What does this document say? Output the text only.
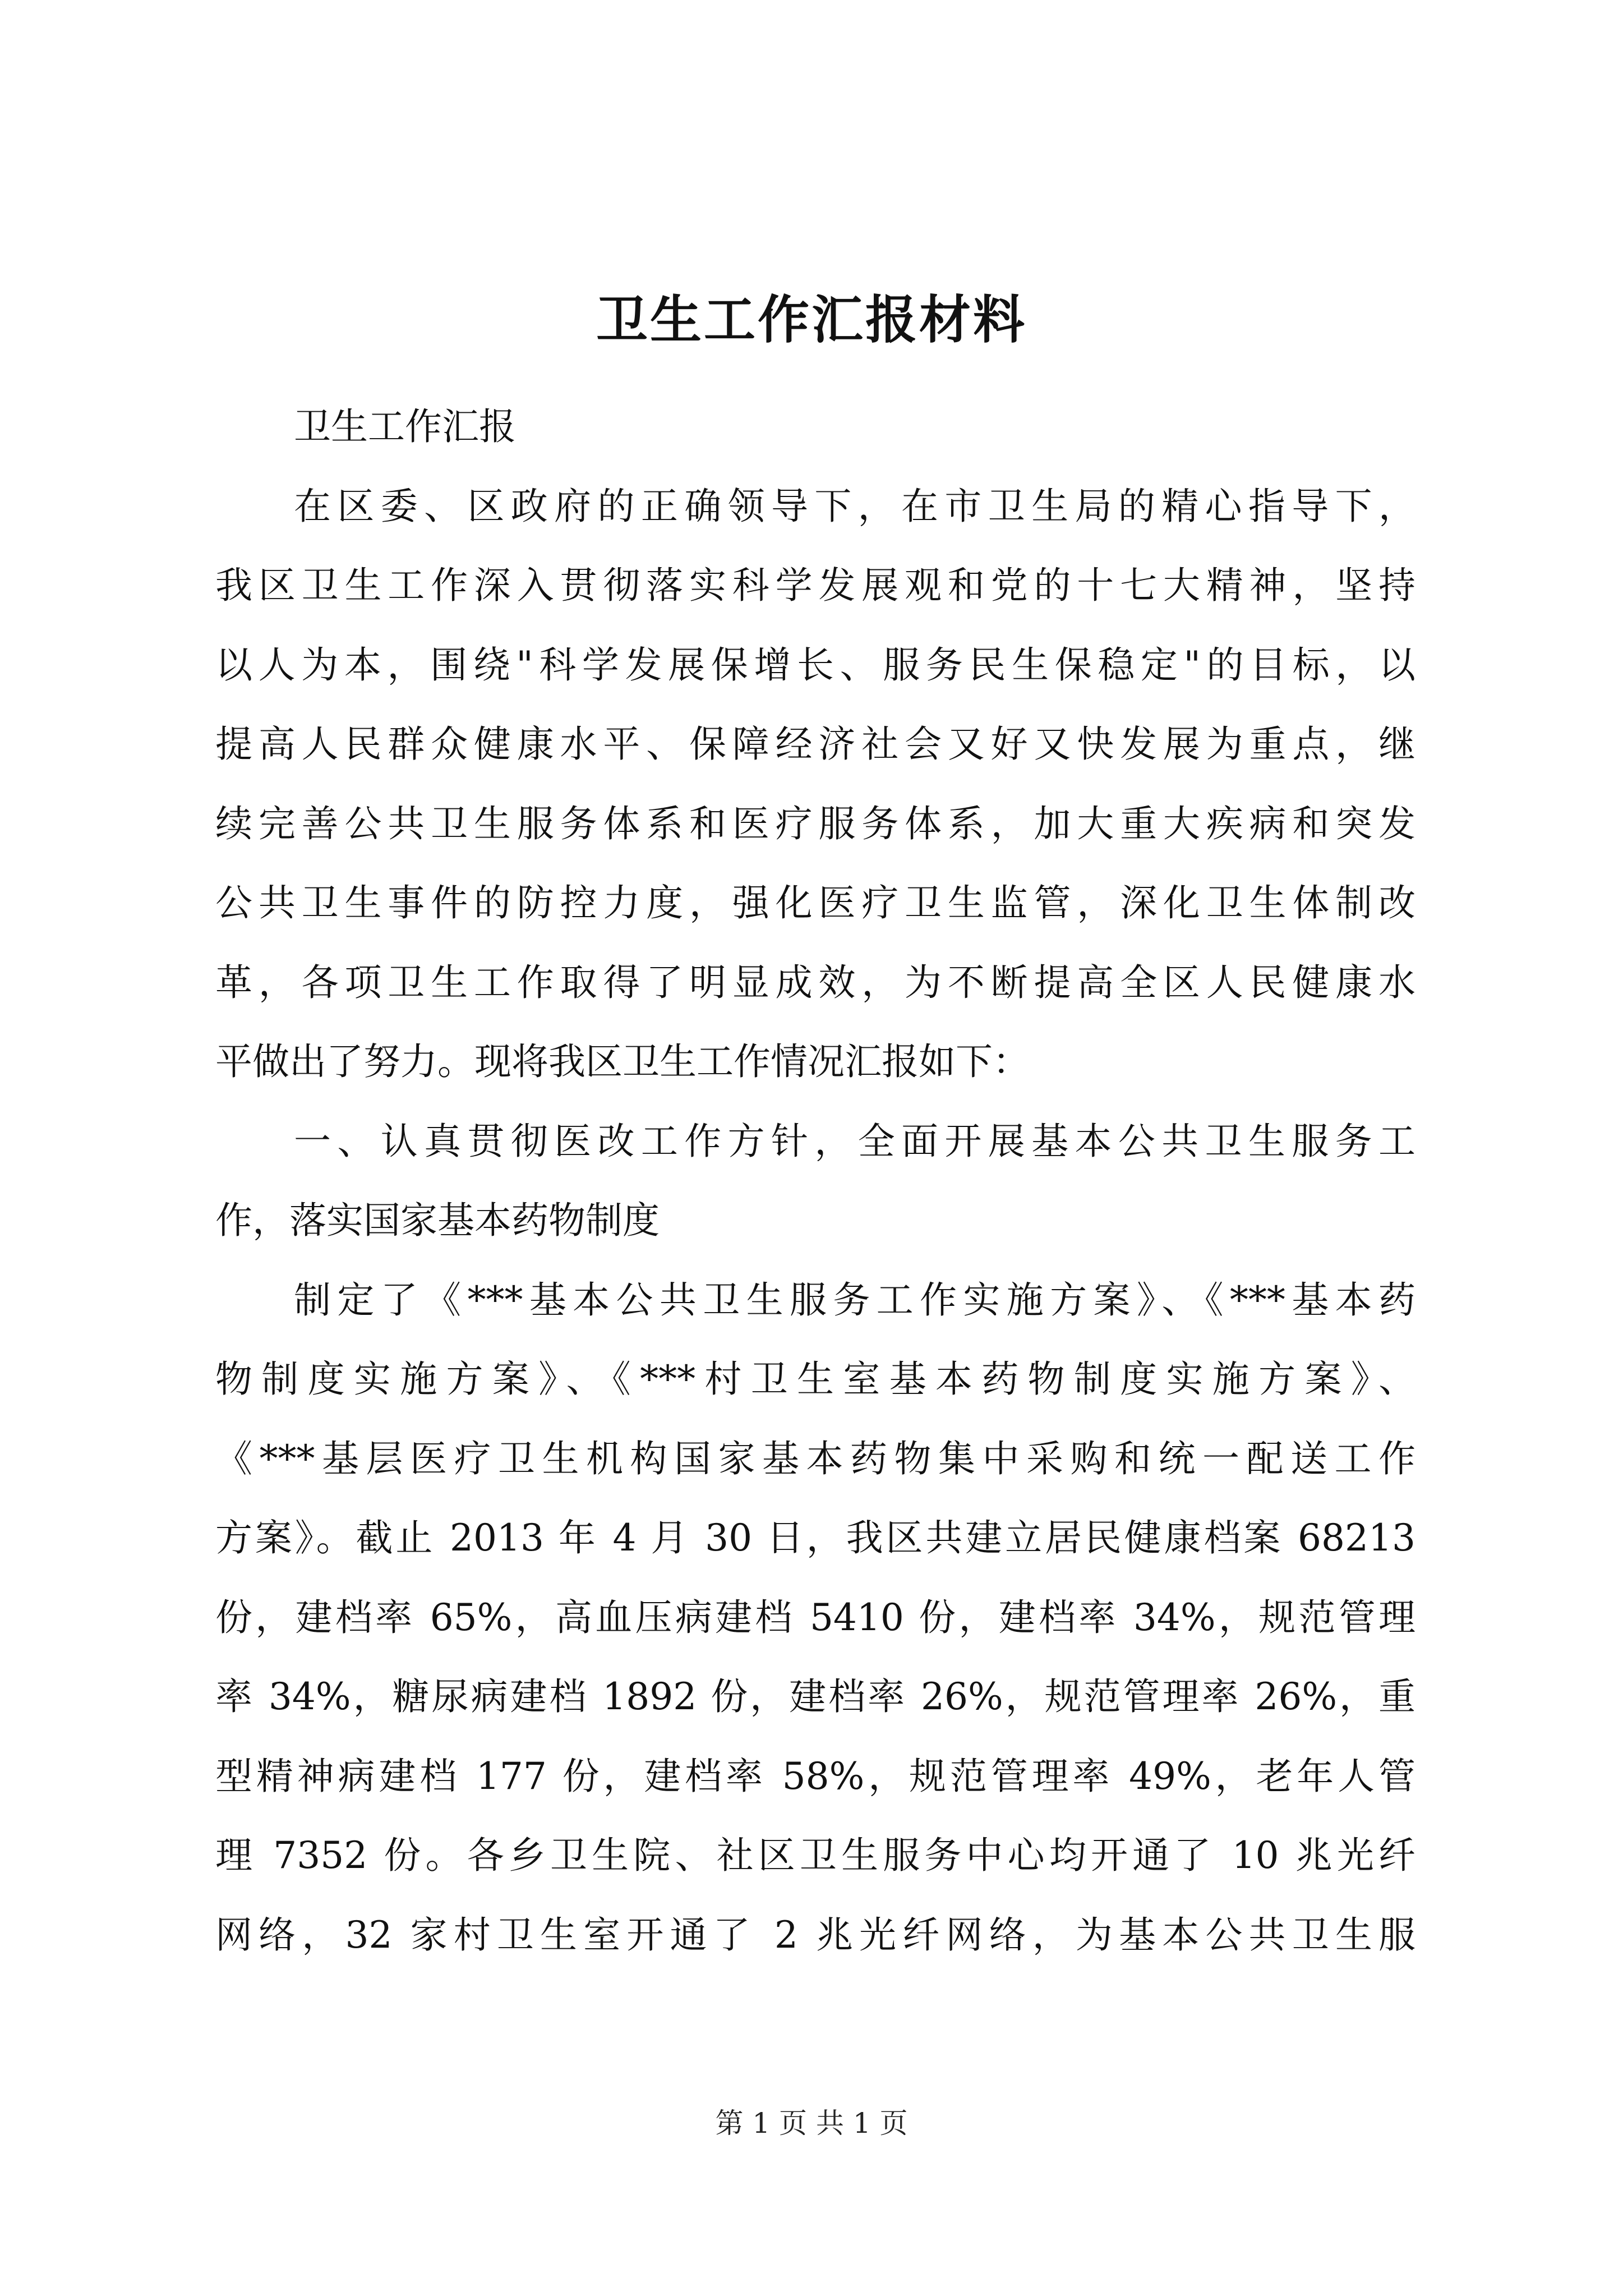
卫生工作汇报材料
卫生工作汇报
在区委、区政府的正确领导下，在市卫生局的精心指导下，
我区卫生工作深入贯彻落实科学发展观和党的十七大精神，坚持
以人为本，围绕"科学发展保增长、服务民生保稳定"的目标，以
提高人民群众健康水平、保障经济社会又好又快发展为重点，继
续完善公共卫生服务体系和医疗服务体系，加大重大疾病和突发
公共卫生事件的防控力度，强化医疗卫生监管，深化卫生体制改
革，各项卫生工作取得了明显成效，为不断提高全区人民健康水
平做出了努力。现将我区卫生工作情况汇报如下：
一、认真贯彻医改工作方针，全面开展基本公共卫生服务工
作，落实国家基本药物制度
制定了《***基本公共卫生服务工作实施方案》、《***基本药
物制度实施方案》、《***村卫生室基本药物制度实施方案》、
《***基层医疗卫生机构国家基本药物集中采购和统一配送工作
方案》。截止 2013 年 4 月 30 日，我区共建立居民健康档案 68213
份，建档率 65%，高血压病建档 5410 份，建档率 34%，规范管理
率 34%，糖尿病建档 1892 份，建档率 26%，规范管理率 26%，重
型精神病建档 177 份，建档率 58%，规范管理率 49%，老年人管
理 7352 份。各乡卫生院、社区卫生服务中心均开通了 10 兆光纤
网络，32 家村卫生室开通了 2 兆光纤网络，为基本公共卫生服
第 1 页 共 1 页
